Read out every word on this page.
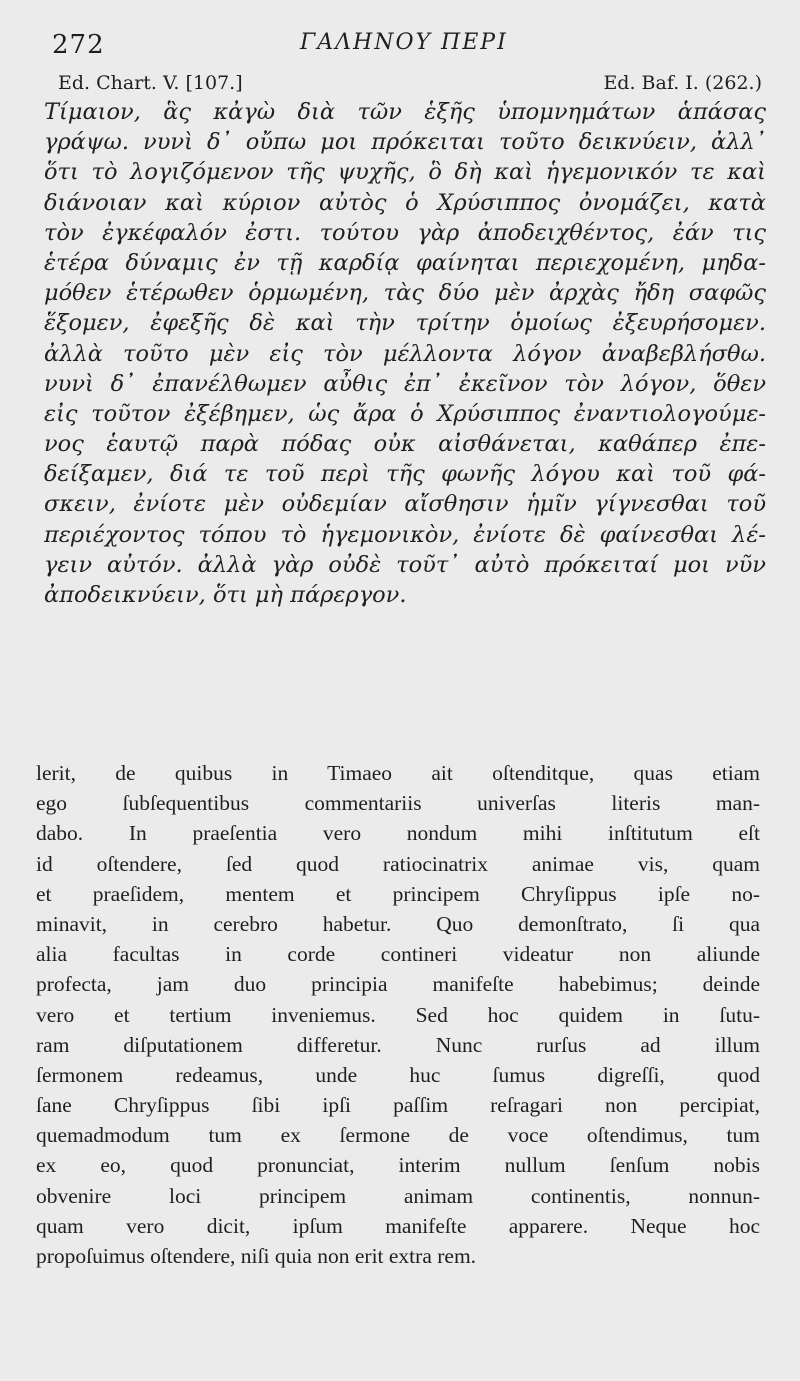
272	ΓΑΛΗΝΟΥ ΠΕΡΙ
Ed. Chart. V. [107.]	Ed. Baf. I. (262.)
Τίμαιον, ἃς κἀγὼ διὰ τῶν ἑξῆς ὑπομνημάτων ἁπάσας
γράψω. νυνὶ δ᾽ οὔπω μοι πρόκειται τοῦτο δεικνύειν, ἀλλ᾽
ὅτι τὸ λογιζόμενον τῆς ψυχῆς, ὃ δὴ καὶ ἡγεμονικόν τε καὶ
διάνοιαν καὶ κύριον αὐτὸς ὁ Χρύσιππος ὀνομάζει, κατὰ
τὸν ἐγκέφαλόν ἐστι. τούτου γὰρ ἀποδειχθέντος, ἐάν τις
ἑτέρα δύναμις ἐν τῇ καρδίᾳ φαίνηται περιεχομένη, μηδα-
μόθεν ἑτέρωθεν ὁρμωμένη, τὰς δύο μὲν ἀρχὰς ἤδη σαφῶς
ἕξομεν, ἐφεξῆς δὲ καὶ τὴν τρίτην ὁμοίως ἐξευρήσομεν.
ἀλλὰ τοῦτο μὲν εἰς τὸν μέλλοντα λόγον ἀναβεβλήσθω.
νυνὶ δ᾽ ἐπανέλθωμεν αὖθις ἐπ᾽ ἐκεῖνον τὸν λόγον, ὅθεν
εἰς τοῦτον ἐξέβημεν, ὡς ἄρα ὁ Χρύσιππος ἐναντιολογούμε-
νος ἑαυτῷ παρὰ πόδας οὐκ αἰσθάνεται, καθάπερ ἐπε-
δείξαμεν, διά τε τοῦ περὶ τῆς φωνῆς λόγου καὶ τοῦ φά-
σκειν, ἐνίοτε μὲν οὐδεμίαν αἴσθησιν ἡμῖν γίγνεσθαι τοῦ
περιέχοντος τόπου τὸ ἡγεμονικὸν, ἐνίοτε δὲ φαίνεσθαι λέ-
γειν αὐτόν. ἀλλὰ γὰρ οὐδὲ τοῦτ᾽ αὐτὸ πρόκειταί μοι νῦν
ἀποδεικνύειν, ὅτι μὴ πάρεργον.
lerit, de quibus in Timaeo ait oſtenditque, quas etiam
ego ſubſequentibus commentariis univerſas literis man-
dabo. In praeſentia vero nondum mihi inſtitutum eſt
id oſtendere, ſed quod ratiocinatrix animae vis, quam
et praeſidem, mentem et principem Chryſippus ipſe no-
minavit, in cerebro habetur. Quo demonſtrato, ſi qua
alia facultas in corde contineri videatur non aliunde
profecta, jam duo principia manifeſte habebimus; deinde
vero et tertium inveniemus. Sed hoc quidem in ſutu-
ram diſputationem differetur. Nunc rurſus ad illum
ſermonem redeamus, unde huc ſumus digreſſi, quod
ſane Chryſippus ſibi ipſi paſſim reſragari non percipiat,
quemadmodum tum ex ſermone de voce oſtendimus, tum
ex eo, quod pronunciat, interim nullum ſenſum nobis
obvenire loci principem animam continentis, nonnun-
quam vero dicit, ipſum manifeſte apparere. Neque hoc
propoſuimus oſtendere, niſi quia non erit extra rem.
